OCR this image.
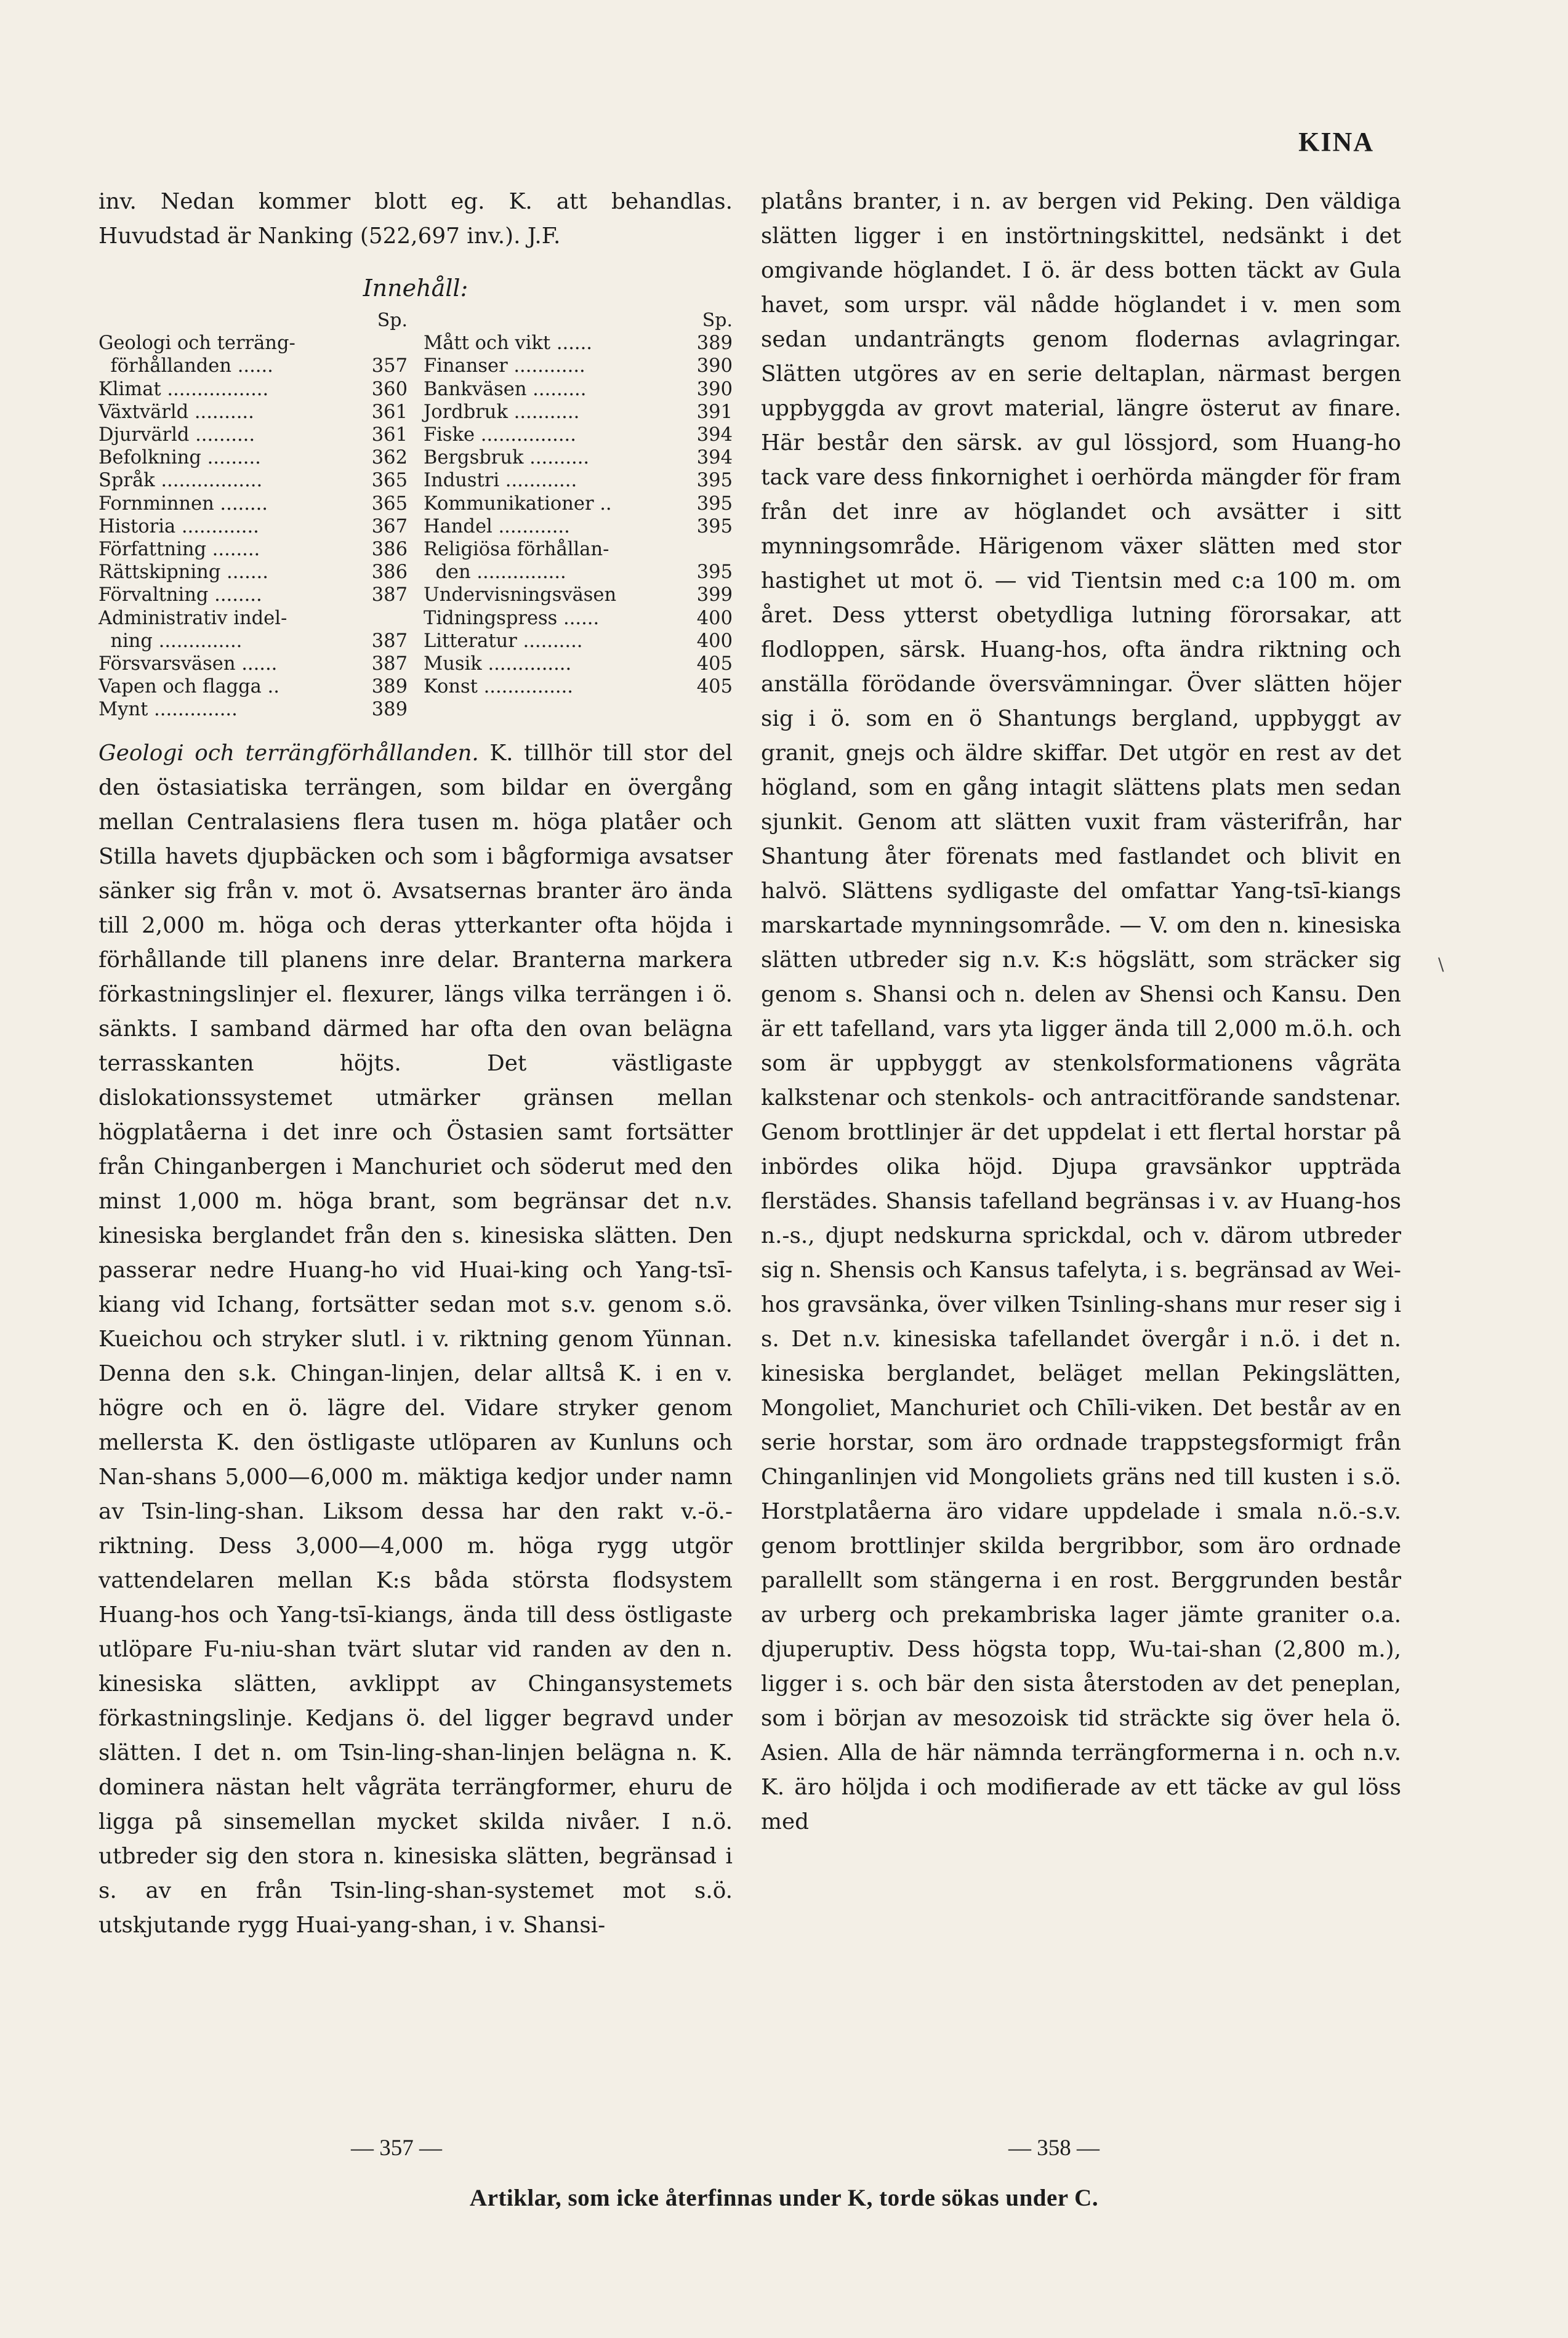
KINA

inv. Nedan kommer blott eg. K. att behandlas. Huvudstad är Nanking (522,697 inv.). J.F.

Innehåll:
Sp.
Geologi och terräng-
förhållanden ......	357
Klimat .................	360
Växtvärld ..........	361
Djurvärld ..........	361
Befolkning .........	362
Språk .................	365
Fornminnen ........	365
Historia .............	367
Författning ........	386
Rättskipning .......	386
Förvaltning ........	387
Administrativ indel-
ning ..............	387
Försvarsväsen ......	387
Vapen och flagga ..	389
Mynt ..............	389
Sp.
Mått och vikt ......	389
Finanser ............	390
Bankväsen .........	390
Jordbruk ...........	391
Fiske ................	394
Bergsbruk ..........	394
Industri ............	395
Kommunikationer ..	395
Handel ............	395
Religiösa förhållan-
den ...............	395
Undervisningsväsen	399
Tidningspress ......	400
Litteratur ..........	400
Musik ..............	405
Konst ...............	405

Geologi och terrängförhållanden. K. tillhör till stor del den östasiatiska terrängen, som bildar en övergång mellan Centralasiens flera tusen m. höga platåer och Stilla havets djupbäcken och som i bågformiga avsatser sänker sig från v. mot ö. Avsatsernas branter äro ända till 2,000 m. höga och deras ytterkanter ofta höjda i förhållande till planens inre delar. Branterna markera förkastningslinjer el. flexurer, längs vilka terrängen i ö. sänkts. I samband därmed har ofta den ovan belägna terrasskanten höjts. Det västligaste dislokationssystemet utmärker gränsen mellan högplatåerna i det inre och Östasien samt fortsätter från Chinganbergen i Manchuriet och söderut med den minst 1,000 m. höga brant, som begränsar det n.v. kinesiska berglandet från den s. kinesiska slätten. Den passerar nedre Huang-ho vid Huai-king och Yang-tsī-kiang vid Ichang, fortsätter sedan mot s.v. genom s.ö. Kueichou och stryker slutl. i v. riktning genom Yünnan. Denna den s.k. Chingan-linjen, delar alltså K. i en v. högre och en ö. lägre del. Vidare stryker genom mellersta K. den östligaste utlöparen av Kunluns och Nan-shans 5,000—6,000 m. mäktiga kedjor under namn av Tsin-ling-shan. Liksom dessa har den rakt v.-ö.-riktning. Dess 3,000—4,000 m. höga rygg utgör vattendelaren mellan K:s båda största flodsystem Huang-hos och Yang-tsī-kiangs, ända till dess östligaste utlöpare Fu-niu-shan tvärt slutar vid randen av den n. kinesiska slätten, avklippt av Chingansystemets förkastningslinje. Kedjans ö. del ligger begravd under slätten. I det n. om Tsin-ling-shan-linjen belägna n. K. dominera nästan helt vågräta terrängformer, ehuru de ligga på sinsemellan mycket skilda nivåer. I n.ö. utbreder sig den stora n. kinesiska slätten, begränsad i s. av en från Tsin-ling-shan-systemet mot s.ö. utskjutande rygg Huai-yang-shan, i v. Shansi-

platåns branter, i n. av bergen vid Peking. Den väldiga slätten ligger i en instörtningskittel, nedsänkt i det omgivande höglandet. I ö. är dess botten täckt av Gula havet, som urspr. väl nådde höglandet i v. men som sedan undanträngts genom flodernas avlagringar. Slätten utgöres av en serie deltaplan, närmast bergen uppbyggda av grovt material, längre österut av finare. Här består den särsk. av gul lössjord, som Huang-ho tack vare dess finkornighet i oerhörda mängder för fram från det inre av höglandet och avsätter i sitt mynningsområde. Härigenom växer slätten med stor hastighet ut mot ö. — vid Tientsin med c:a 100 m. om året. Dess ytterst obetydliga lutning förorsakar, att flodloppen, särsk. Huang-hos, ofta ändra riktning och anställa förödande översvämningar. Över slätten höjer sig i ö. som en ö Shantungs bergland, uppbyggt av granit, gnejs och äldre skiffar. Det utgör en rest av det högland, som en gång intagit slättens plats men sedan sjunkit. Genom att slätten vuxit fram västerifrån, har Shantung åter förenats med fastlandet och blivit en halvö. Slättens sydligaste del omfattar Yang-tsī-kiangs marskartade mynningsområde. — V. om den n. kinesiska slätten utbreder sig n.v. K:s högslätt, som sträcker sig genom s. Shansi och n. delen av Shensi och Kansu. Den är ett tafelland, vars yta ligger ända till 2,000 m.ö.h. och som är uppbyggt av stenkolsformationens vågräta kalkstenar och stenkols- och antracitförande sandstenar. Genom brottlinjer är det uppdelat i ett flertal horstar på inbördes olika höjd. Djupa gravsänkor uppträda flerstädes. Shansis tafelland begränsas i v. av Huang-hos n.-s., djupt nedskurna sprickdal, och v. därom utbreder sig n. Shensis och Kansus tafelyta, i s. begränsad av Wei-hos gravsänka, över vilken Tsinling-shans mur reser sig i s. Det n.v. kinesiska tafellandet övergår i n.ö. i det n. kinesiska berglandet, beläget mellan Pekingslätten, Mongoliet, Manchuriet och Chīli-viken. Det består av en serie horstar, som äro ordnade trappstegsformigt från Chinganlinjen vid Mongoliets gräns ned till kusten i s.ö. Horstplatåerna äro vidare uppdelade i smala n.ö.-s.v. genom brottlinjer skilda bergribbor, som äro ordnade parallellt som stängerna i en rost. Berggrunden består av urberg och prekambriska lager jämte graniter o.a. djuperuptiv. Dess högsta topp, Wu-tai-shan (2,800 m.), ligger i s. och bär den sista återstoden av det peneplan, som i början av mesozoisk tid sträckte sig över hela ö. Asien. Alla de här nämnda terrängformerna i n. och n.v. K. äro höljda i och modifierade av ett täcke av gul löss med

\
— 357 —	— 358 —
Artiklar, som icke återfinnas under K, torde sökas under C.
